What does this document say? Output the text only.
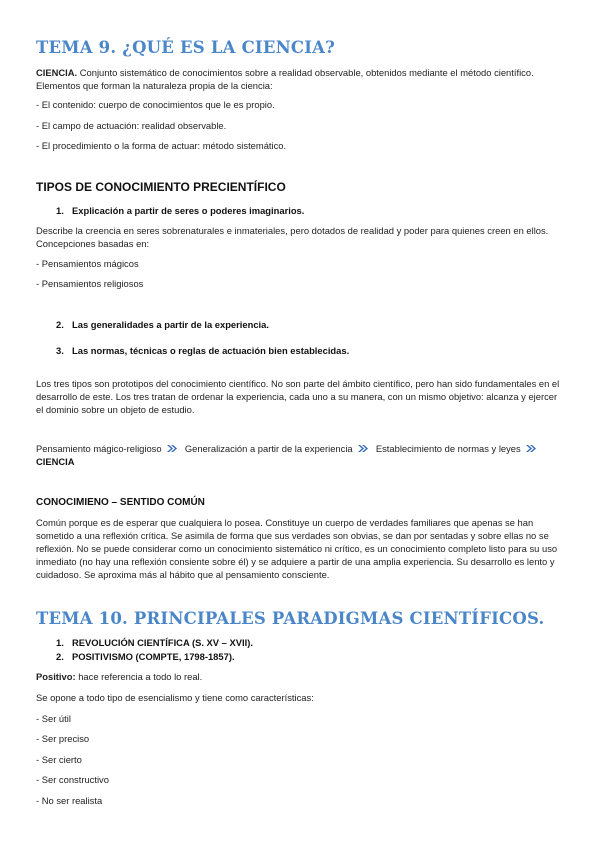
TEMA 9. ¿QUÉ ES LA CIENCIA?
CIENCIA. Conjunto sistemático de conocimientos sobre a realidad observable, obtenidos mediante el método científico. Elementos que forman la naturaleza propia de la ciencia:
- El contenido: cuerpo de conocimientos que le es propio.
- El campo de actuación: realidad observable.
- El procedimiento o la forma de actuar: método sistemático.
TIPOS DE CONOCIMIENTO PRECIENTÍFICO
1. Explicación a partir de seres o poderes imaginarios.
Describe la creencia en seres sobrenaturales e inmateriales, pero dotados de realidad y poder para quienes creen en ellos. Concepciones basadas en:
- Pensamientos mágicos
- Pensamientos religiosos
2. Las generalidades a partir de la experiencia.
3. Las normas, técnicas o reglas de actuación bien establecidas.
Los tres tipos son prototipos del conocimiento científico. No son parte del ámbito científico, pero han sido fundamentales en el desarrollo de este. Los tres tratan de ordenar la experiencia, cada uno a su manera, con un mismo objetivo: alcanza y ejercer el dominio sobre un objeto de estudio.
Pensamiento mágico-religioso Generalización a partir de la experiencia Establecimiento de normas y leyes
CIENCIA
CONOCIMIENO – SENTIDO COMÚN
Común porque es de esperar que cualquiera lo posea. Constituye un cuerpo de verdades familiares que apenas se han sometido a una reflexión crítica. Se asimila de forma que sus verdades son obvias, se dan por sentadas y sobre ellas no se reflexión. No se puede considerar como un conocimiento sistemático ni crítico, es un conocimiento completo listo para su uso inmediato (no hay una reflexión consiente sobre él) y se adquiere a partir de una amplia experiencia. Su desarrollo es lento y cuidadoso. Se aproxima más al hábito que al pensamiento consciente.
TEMA 10. PRINCIPALES PARADIGMAS CIENTÍFICOS.
1. REVOLUCIÓN CIENTÍFICA (S. XV – XVII).
2. POSITIVISMO (COMPTE, 1798-1857).
Positivo: hace referencia a todo lo real.
Se opone a todo tipo de esencialismo y tiene como características:
- Ser útil
- Ser preciso
- Ser cierto
- Ser constructivo
- No ser realista
